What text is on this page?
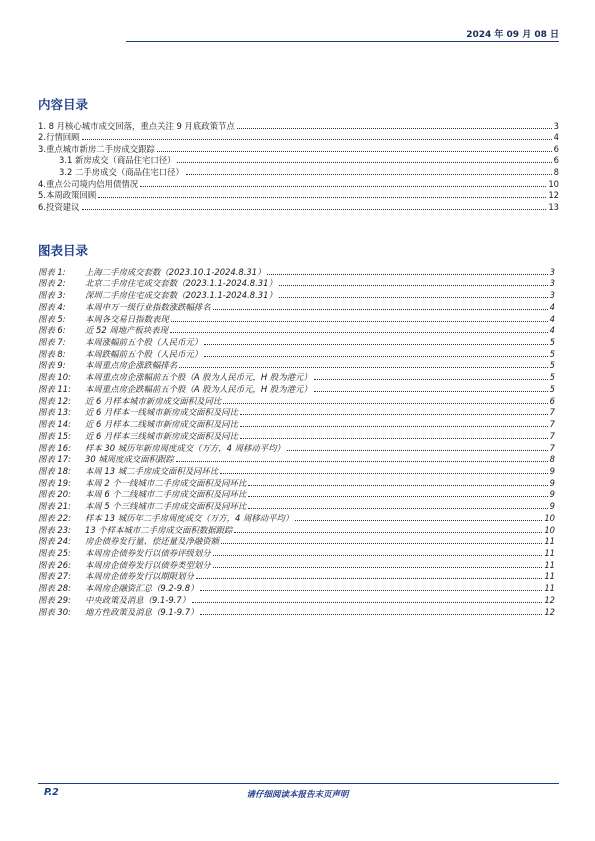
2024 年 09 月 08 日
内容目录
1. 8 月核心城市成交回落，重点关注 9 月底政策节点	3
2.行情回顾	4
3.重点城市新房二手房成交跟踪	6
3.1 新房成交（商品住宅口径）	6
3.2 二手房成交（商品住宅口径）	8
4.重点公司境内信用债情况	10
5.本周政策回顾	12
6.投资建议	13
图表目录
图表 1: 上海二手房成交套数（2023.10.1-2024.8.31）	3
图表 2: 北京二手房住宅成交套数（2023.1.1-2024.8.31）	3
图表 3: 深圳二手房住宅成交套数（2023.1.1-2024.8.31）	3
图表 4: 本周申万一级行业指数涨跌幅排名	4
图表 5: 本周各交易日指数表现	4
图表 6: 近 52 周地产板块表现	4
图表 7: 本周涨幅前五个股（人民币元）	5
图表 8: 本周跌幅前五个股（人民币元）	5
图表 9: 本周重点房企涨跌幅排名	5
图表 10: 本周重点房企涨幅前五个股（A 股为人民币元，H 股为港元）	5
图表 11: 本周重点房企跌幅前五个股（A 股为人民币元，H 股为港元）	5
图表 12: 近 6 月样本城市新房成交面积及同比	6
图表 13: 近 6 月样本一线城市新房成交面积及同比	7
图表 14: 近 6 月样本二线城市新房成交面积及同比	7
图表 15: 近 6 月样本三线城市新房成交面积及同比	7
图表 16: 样本 30 城历年新房周度成交（万方，4 周移动平均）	7
图表 17: 30 城周度成交面积跟踪	8
图表 18: 本周 13 城二手房成交面积及同环比	9
图表 19: 本周 2 个一线城市二手房成交面积及同环比	9
图表 20: 本周 6 个二线城市二手房成交面积及同环比	9
图表 21: 本周 5 个三线城市二手房成交面积及同环比	9
图表 22: 样本 13 城历年二手房周度成交（万方，4 周移动平均）	10
图表 23: 13 个样本城市二手房成交面积数据跟踪	10
图表 24: 房企债券发行量、偿还量及净融资额	11
图表 25: 本周房企债券发行以债券评级划分	11
图表 26: 本周房企债券发行以债券类型划分	11
图表 27: 本周房企债券发行以期限划分	11
图表 28: 本周房企融资汇总（9.2-9.8）	11
图表 29: 中央政策及消息（9.1-9.7）	12
图表 30: 地方性政策及消息（9.1-9.7）	12
P.2	请仔细阅读本报告末页声明
